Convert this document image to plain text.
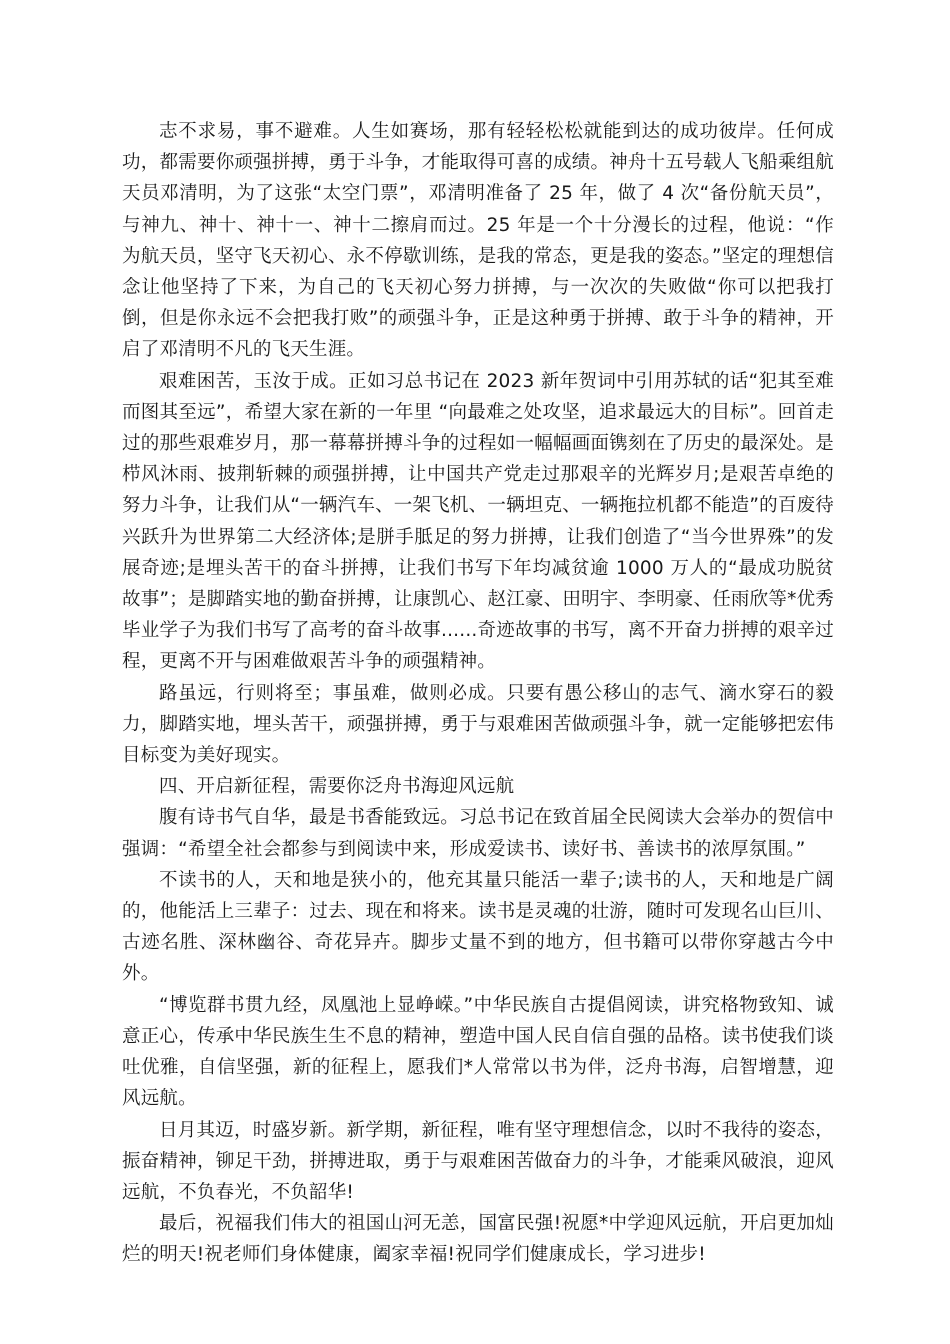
志不求易，事不避难。人生如赛场，那有轻轻松松就能到达的成功彼岸。任何成功，都需要你顽强拼搏，勇于斗争，才能取得可喜的成绩。神舟十五号载人飞船乘组航天员邓清明，为了这张“太空门票”，邓清明准备了 25 年，做了 4 次“备份航天员”，与神九、神十、神十一、神十二擦肩而过。25 年是一个十分漫长的过程，他说：“作为航天员，坚守飞天初心、永不停歇训练，是我的常态，更是我的姿态。”坚定的理想信念让他坚持了下来，为自己的飞天初心努力拼搏，与一次次的失败做“你可以把我打倒，但是你永远不会把我打败”的顽强斗争，正是这种勇于拼搏、敢于斗争的精神，开启了邓清明不凡的飞天生涯。

艰难困苦，玉汝于成。正如习总书记在 2023 新年贺词中引用苏轼的话“犯其至难而图其至远”，希望大家在新的一年里 “向最难之处攻坚，追求最远大的目标”。回首走过的那些艰难岁月，那一幕幕拼搏斗争的过程如一幅幅画面镌刻在了历史的最深处。是栉风沐雨、披荆斩棘的顽强拼搏，让中国共产党走过那艰辛的光辉岁月;是艰苦卓绝的努力斗争，让我们从“一辆汽车、一架飞机、一辆坦克、一辆拖拉机都不能造”的百废待兴跃升为世界第二大经济体;是胼手胝足的努力拼搏，让我们创造了“当今世界殊”的发展奇迹;是埋头苦干的奋斗拼搏，让我们书写下年均减贫逾 1000 万人的“最成功脱贫故事”；是脚踏实地的勤奋拼搏，让康凯心、赵江豪、田明宇、李明豪、任雨欣等*优秀毕业学子为我们书写了高考的奋斗故事......奇迹故事的书写，离不开奋力拼搏的艰辛过程，更离不开与困难做艰苦斗争的顽强精神。

路虽远，行则将至；事虽难，做则必成。只要有愚公移山的志气、滴水穿石的毅力，脚踏实地，埋头苦干，顽强拼搏，勇于与艰难困苦做顽强斗争，就一定能够把宏伟目标变为美好现实。

四、开启新征程，需要你泛舟书海迎风远航

腹有诗书气自华，最是书香能致远。习总书记在致首届全民阅读大会举办的贺信中强调：“希望全社会都参与到阅读中来，形成爱读书、读好书、善读书的浓厚氛围。”

不读书的人，天和地是狭小的，他充其量只能活一辈子;读书的人，天和地是广阔的，他能活上三辈子：过去、现在和将来。读书是灵魂的壮游，随时可发现名山巨川、古迹名胜、深林幽谷、奇花异卉。脚步丈量不到的地方，但书籍可以带你穿越古今中外。

“博览群书贯九经，凤凰池上显峥嵘。”中华民族自古提倡阅读，讲究格物致知、诚意正心，传承中华民族生生不息的精神，塑造中国人民自信自强的品格。读书使我们谈吐优雅，自信坚强，新的征程上，愿我们*人常常以书为伴，泛舟书海，启智增慧，迎风远航。

日月其迈，时盛岁新。新学期，新征程，唯有坚守理想信念，以时不我待的姿态，振奋精神，铆足干劲，拼搏进取，勇于与艰难困苦做奋力的斗争，才能乘风破浪，迎风远航，不负春光，不负韶华!

最后，祝福我们伟大的祖国山河无恙，国富民强!祝愿*中学迎风远航，开启更加灿烂的明天!祝老师们身体健康，阖家幸福!祝同学们健康成长，学习进步!
